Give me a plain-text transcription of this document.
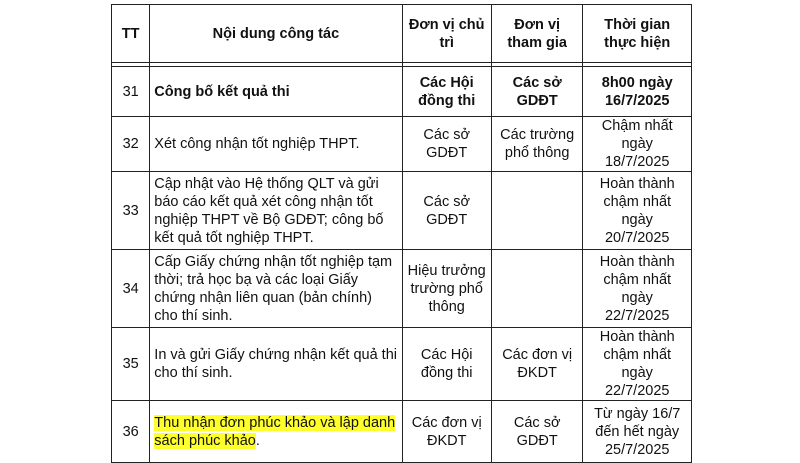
TT	Nội dung công tác	Đơn vị chủ trì	Đơn vị tham gia	Thời gian thực hiện

31	Công bố kết quả thi	Các Hội đồng thi	Các sở GDĐT	8h00 ngày 16/7/2025
32	Xét công nhận tốt nghiệp THPT.	Các sở GDĐT	Các trường phổ thông	Chậm nhất ngày 18/7/2025
33	Cập nhật vào Hệ thống QLT và gửi báo cáo kết quả xét công nhận tốt nghiệp THPT về Bộ GDĐT; công bố kết quả tốt nghiệp THPT.	Các sở GDĐT		Hoàn thành chậm nhất ngày 20/7/2025
34	Cấp Giấy chứng nhận tốt nghiệp tạm thời; trả học bạ và các loại Giấy chứng nhận liên quan (bản chính) cho thí sinh.	Hiệu trưởng trường phổ thông		Hoàn thành chậm nhất ngày 22/7/2025
35	In và gửi Giấy chứng nhận kết quả thi cho thí sinh.	Các Hội đồng thi	Các đơn vị ĐKDT	Hoàn thành chậm nhất ngày 22/7/2025
36	Thu nhận đơn phúc khảo và lập danh sách phúc khảo.	Các đơn vị ĐKDT	Các sở GDĐT	Từ ngày 16/7 đến hết ngày 25/7/2025
